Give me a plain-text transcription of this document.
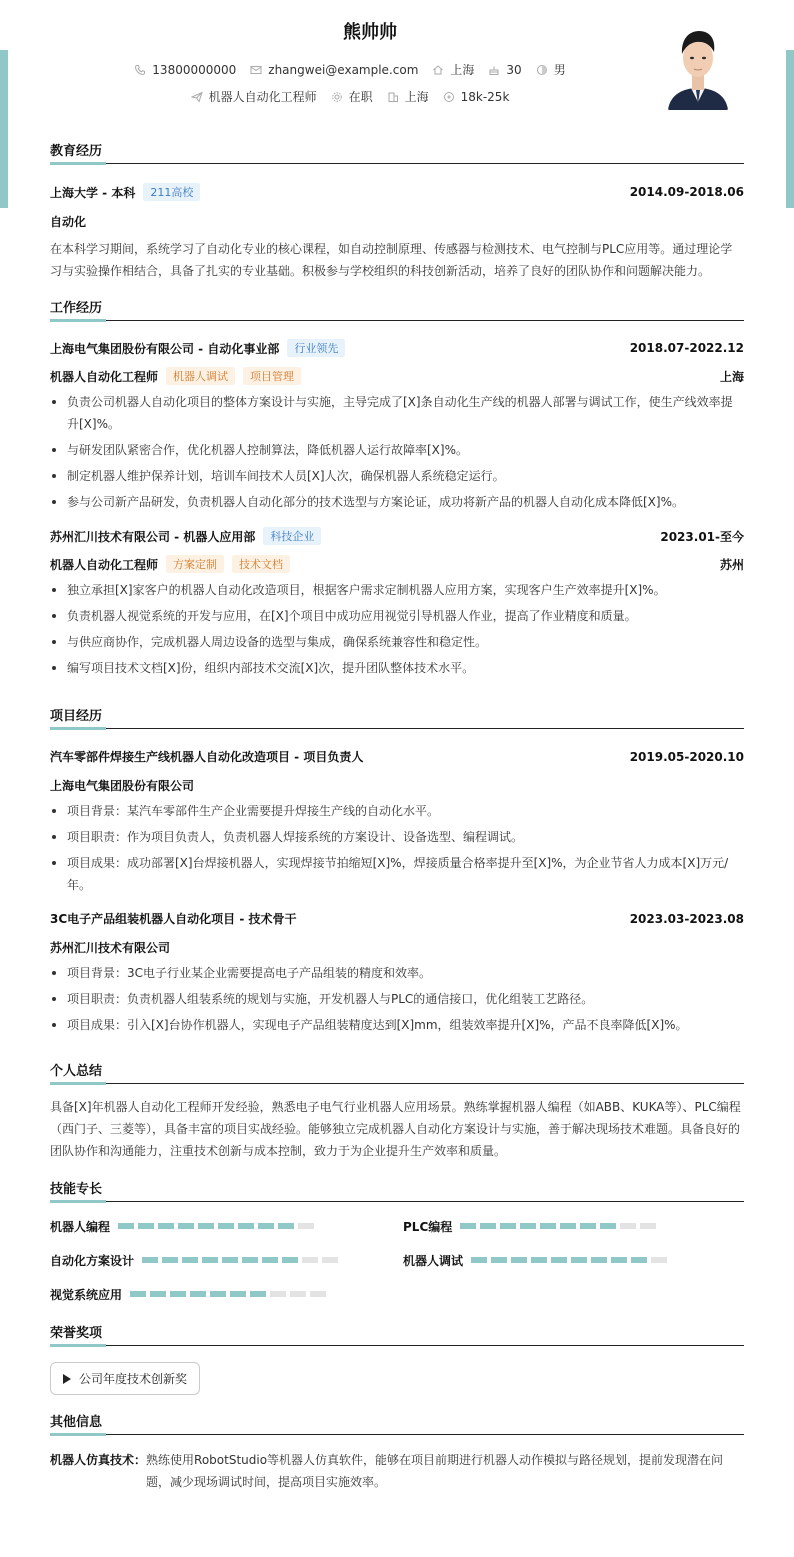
熊帅帅
13800000000	zhangwei@example.com	上海	30	男
机器人自动化工程师	在职	上海	18k-25k
教育经历
上海大学 - 本科	211高校	2014.09-2018.06
自动化
在本科学习期间，系统学习了自动化专业的核心课程，如自动控制原理、传感器与检测技术、电气控制与PLC应用等。通过理论学习与实验操作相结合，具备了扎实的专业基础。积极参与学校组织的科技创新活动，培养了良好的团队协作和问题解决能力。
工作经历
上海电气集团股份有限公司 - 自动化事业部	行业领先	2018.07-2022.12
机器人自动化工程师	机器人调试	项目管理	上海
负责公司机器人自动化项目的整体方案设计与实施，主导完成了[X]条自动化生产线的机器人部署与调试工作，使生产线效率提升[X]%。
与研发团队紧密合作，优化机器人控制算法，降低机器人运行故障率[X]%。
制定机器人维护保养计划，培训车间技术人员[X]人次，确保机器人系统稳定运行。
参与公司新产品研发，负责机器人自动化部分的技术选型与方案论证，成功将新产品的机器人自动化成本降低[X]%。
苏州汇川技术有限公司 - 机器人应用部	科技企业	2023.01-至今
机器人自动化工程师	方案定制	技术文档	苏州
独立承担[X]家客户的机器人自动化改造项目，根据客户需求定制机器人应用方案，实现客户生产效率提升[X]%。
负责机器人视觉系统的开发与应用，在[X]个项目中成功应用视觉引导机器人作业，提高了作业精度和质量。
与供应商协作，完成机器人周边设备的选型与集成，确保系统兼容性和稳定性。
编写项目技术文档[X]份，组织内部技术交流[X]次，提升团队整体技术水平。
项目经历
汽车零部件焊接生产线机器人自动化改造项目 - 项目负责人	2019.05-2020.10
上海电气集团股份有限公司
项目背景：某汽车零部件生产企业需要提升焊接生产线的自动化水平。
项目职责：作为项目负责人，负责机器人焊接系统的方案设计、设备选型、编程调试。
项目成果：成功部署[X]台焊接机器人，实现焊接节拍缩短[X]%，焊接质量合格率提升至[X]%，为企业节省人力成本[X]万元/年。
3C电子产品组装机器人自动化项目 - 技术骨干	2023.03-2023.08
苏州汇川技术有限公司
项目背景：3C电子行业某企业需要提高电子产品组装的精度和效率。
项目职责：负责机器人组装系统的规划与实施，开发机器人与PLC的通信接口，优化组装工艺路径。
项目成果：引入[X]台协作机器人，实现电子产品组装精度达到[X]mm，组装效率提升[X]%，产品不良率降低[X]%。
个人总结
具备[X]年机器人自动化工程师开发经验，熟悉电子电气行业机器人应用场景。熟练掌握机器人编程（如ABB、KUKA等）、PLC编程（西门子、三菱等），具备丰富的项目实战经验。能够独立完成机器人自动化方案设计与实施，善于解决现场技术难题。具备良好的团队协作和沟通能力，注重技术创新与成本控制，致力于为企业提升生产效率和质量。
技能专长
机器人编程	PLC编程
自动化方案设计	机器人调试
视觉系统应用
荣誉奖项
公司年度技术创新奖
其他信息
机器人仿真技术： 熟练使用RobotStudio等机器人仿真软件，能够在项目前期进行机器人动作模拟与路径规划，提前发现潜在问题，减少现场调试时间，提高项目实施效率。
